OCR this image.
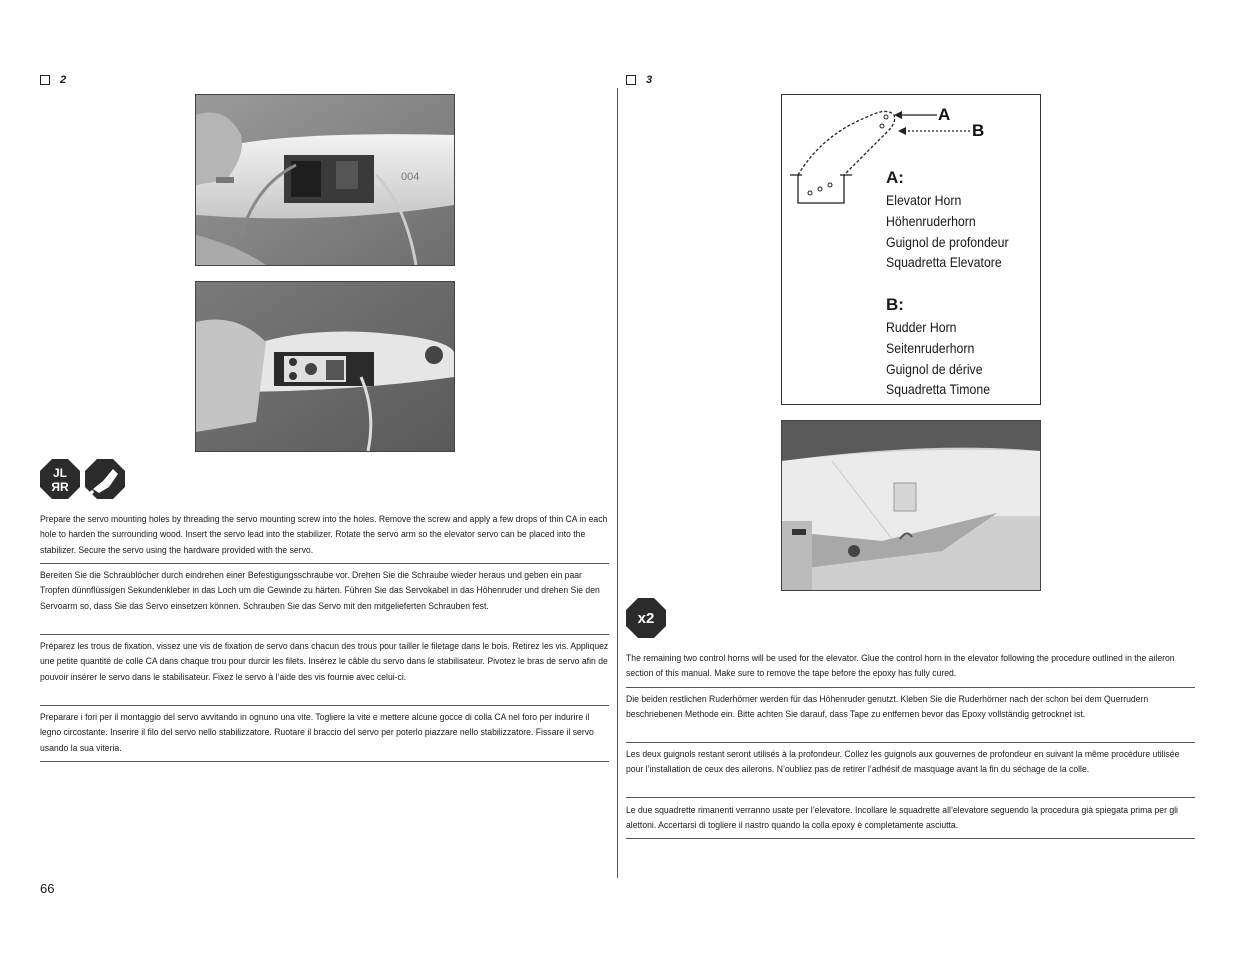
2
004
JL
ЯR
Prepare the servo mounting holes by threading the servo mounting screw into the holes. Remove the screw and apply a few drops of thin CA in each hole to harden the surrounding wood. Insert the servo lead into the stabilizer. Rotate the servo arm so the elevator servo can be placed into the stabilizer. Secure the servo using the hardware provided with the servo.
Bereiten Sie die Schraublöcher durch eindrehen einer Befestigungsschraube vor. Drehen Sie die Schraube wieder heraus und geben ein paar Tropfen dünnflüssigen Sekundenkleber in das Loch um die Gewinde zu härten. Führen Sie das Servokabel in das Höhenruder und drehen Sie den Servoarm so, dass Sie das Servo einsetzen können. Schrauben Sie das Servo mit den mitgelieferten Schrauben fest.
Préparez les trous de fixation, vissez une vis de fixation de servo dans chacun des trous pour tailler le filetage dans le bois. Retirez les vis. Appliquez une petite quantité de colle CA dans chaque trou pour durcir les filets. Insérez le câble du servo dans le stabilisateur. Pivotez le bras de servo afin de pouvoir insérer le servo dans le stabilisateur. Fixez le servo à l’aide des vis fournie avec celui-ci.
Preparare i fori per il montaggio del servo avvitando in ognuno una vite. Togliere la vite e mettere alcune gocce di colla CA nel foro per indurire il legno circostante. Inserire il filo del servo nello stabilizzatore. Ruotare il braccio del servo per poterlo piazzare nello stabilizzatore. Fissare il servo usando la sua viteria.
3
A
B
A:
Elevator Horn
Höhenruderhorn
Guignol de profondeur
Squadretta Elevatore
B:
Rudder Horn
Seitenruderhorn
Guignol de dérive
Squadretta Timone
x2
The remaining two control horns will be used for the elevator. Glue the control horn in the elevator following the procedure outlined in the aileron section of this manual. Make sure to remove the tape before the epoxy has fully cured.
Die beiden restlichen Ruderhörner werden für das Höhenruder genutzt. Kleben Sie die Ruderhörner nach der schon bei dem Querrudern beschriebenen Methode ein. Bitte achten Sie darauf, dass Tape zu entfernen bevor das Epoxy vollständig getrocknet ist.
Les deux guignols restant seront utilisés à la profondeur. Collez les guignols aux gouvernes de profondeur en suivant la même procédure utilisée pour l’installation de ceux des ailerons. N’oubliez pas de retirer l’adhésif de masquage avant la fin du séchage de la colle.
Le due squadrette rimanenti verranno usate per l’elevatore. Incollare le squadrette all’elevatore seguendo la procedura già spiegata prima per gli alettoni. Accertarsi di togliere il nastro quando la colla epoxy è completamente asciutta.
66
